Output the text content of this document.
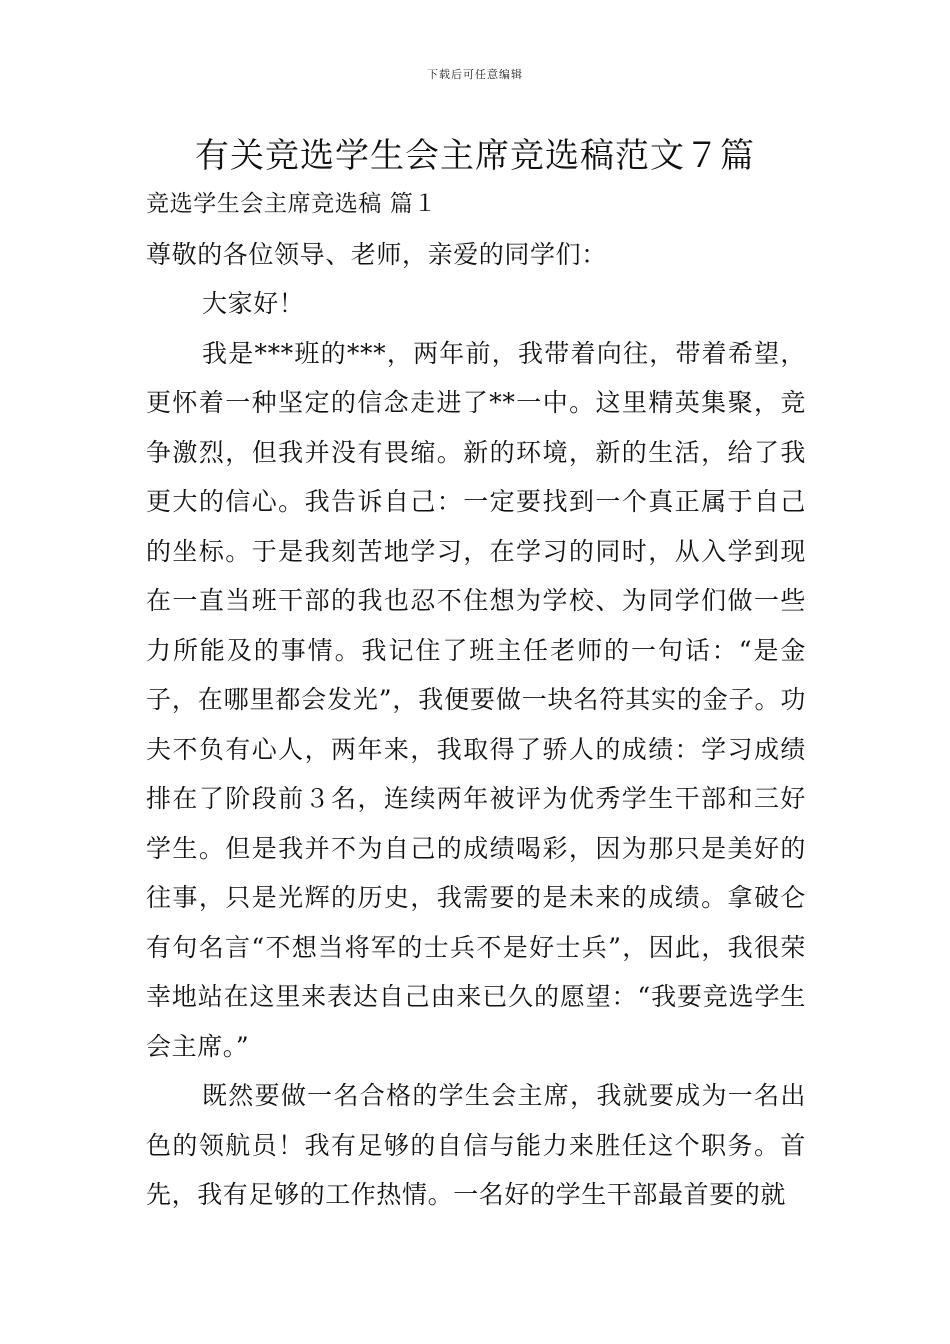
下载后可任意编辑
有关竞选学生会主席竞选稿范文７篇

竞选学生会主席竞选稿 篇１

尊敬的各位领导、老师，亲爱的同学们：

大家好！

我是***班的***，两年前，我带着向往，带着希望，更怀着一种坚定的信念走进了**一中。这里精英集聚，竞争激烈，但我并没有畏缩。新的环境，新的生活，给了我更大的信心。我告诉自己：一定要找到一个真正属于自己的坐标。于是我刻苦地学习，在学习的同时，从入学到现在一直当班干部的我也忍不住想为学校、为同学们做一些力所能及的事情。我记住了班主任老师的一句话：“是金子，在哪里都会发光”，我便要做一块名符其实的金子。功夫不负有心人，两年来，我取得了骄人的成绩：学习成绩排在了阶段前３名，连续两年被评为优秀学生干部和三好学生。但是我并不为自己的成绩喝彩，因为那只是美好的往事，只是光辉的历史，我需要的是未来的成绩。拿破仑有句名言“不想当将军的士兵不是好士兵”，因此，我很荣幸地站在这里来表达自己由来已久的愿望：“我要竞选学生会主席。”

既然要做一名合格的学生会主席，我就要成为一名出色的领航员！我有足够的自信与能力来胜任这个职务。首先，我有足够的工作热情。一名好的学生干部最首要的就
